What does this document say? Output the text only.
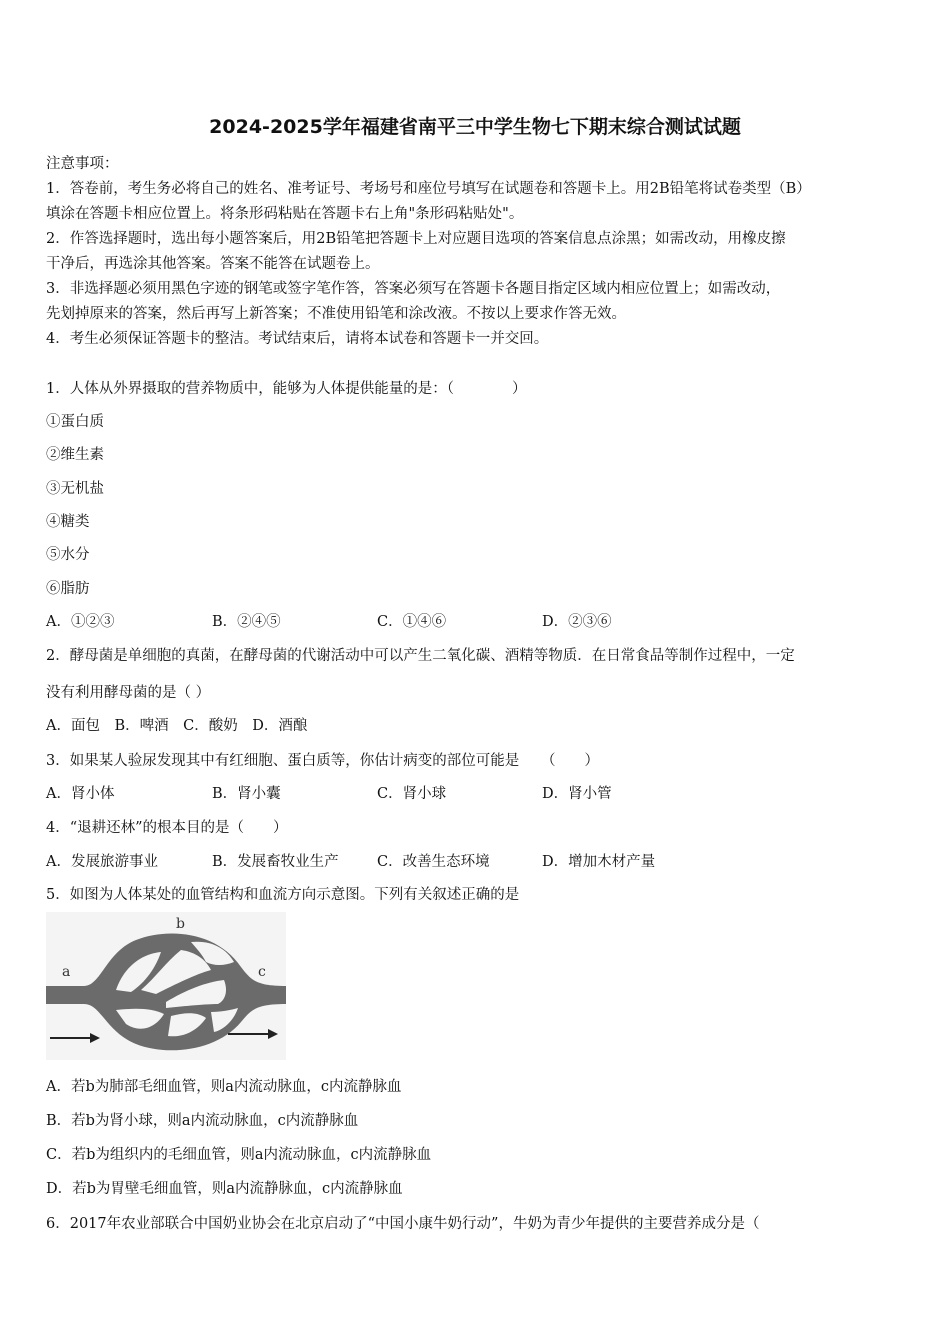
2024-2025学年福建省南平三中学生物七下期末综合测试试题
注意事项：
1．答卷前，考生务必将自己的姓名、准考证号、考场号和座位号填写在试题卷和答题卡上。用2B铅笔将试卷类型（B）
填涂在答题卡相应位置上。将条形码粘贴在答题卡右上角"条形码粘贴处"。
2．作答选择题时，选出每小题答案后，用2B铅笔把答题卡上对应题目选项的答案信息点涂黑；如需改动，用橡皮擦
干净后，再选涂其他答案。答案不能答在试题卷上。
3．非选择题必须用黑色字迹的钢笔或签字笔作答，答案必须写在答题卡各题目指定区域内相应位置上；如需改动，
先划掉原来的答案，然后再写上新答案；不准使用铅笔和涂改液。不按以上要求作答无效。
4．考生必须保证答题卡的整洁。考试结束后，请将本试卷和答题卡一并交回。
1．人体从外界摄取的营养物质中，能够为人体提供能量的是：（　　　　）
①蛋白质
②维生素
③无机盐
④糖类
⑤水分
⑥脂肪
A．①②③	B．②④⑤	C．①④⑥	D．②③⑥
2．酵母菌是单细胞的真菌，在酵母菌的代谢活动中可以产生二氧化碳、酒精等物质．在日常食品等制作过程中，一定
没有利用酵母菌的是（ ）
A．面包　B．啤酒　C．酸奶　D．酒酿
3．如果某人验尿发现其中有红细胞、蛋白质等，你估计病变的部位可能是　　（　　）
A．肾小体	B．肾小囊	C．肾小球	D．肾小管
4．“退耕还林”的根本目的是（　　）
A．发展旅游事业	B．发展畜牧业生产	C．改善生态环境	D．增加木材产量
5．如图为人体某处的血管结构和血流方向示意图。下列有关叙述正确的是
a
b
c
A．若b为肺部毛细血管，则a内流动脉血，c内流静脉血
B．若b为肾小球，则a内流动脉血，c内流静脉血
C．若b为组织内的毛细血管，则a内流动脉血，c内流静脉血
D．若b为胃壁毛细血管，则a内流静脉血，c内流静脉血
6．2017年农业部联合中国奶业协会在北京启动了“中国小康牛奶行动”，牛奶为青少年提供的主要营养成分是（
